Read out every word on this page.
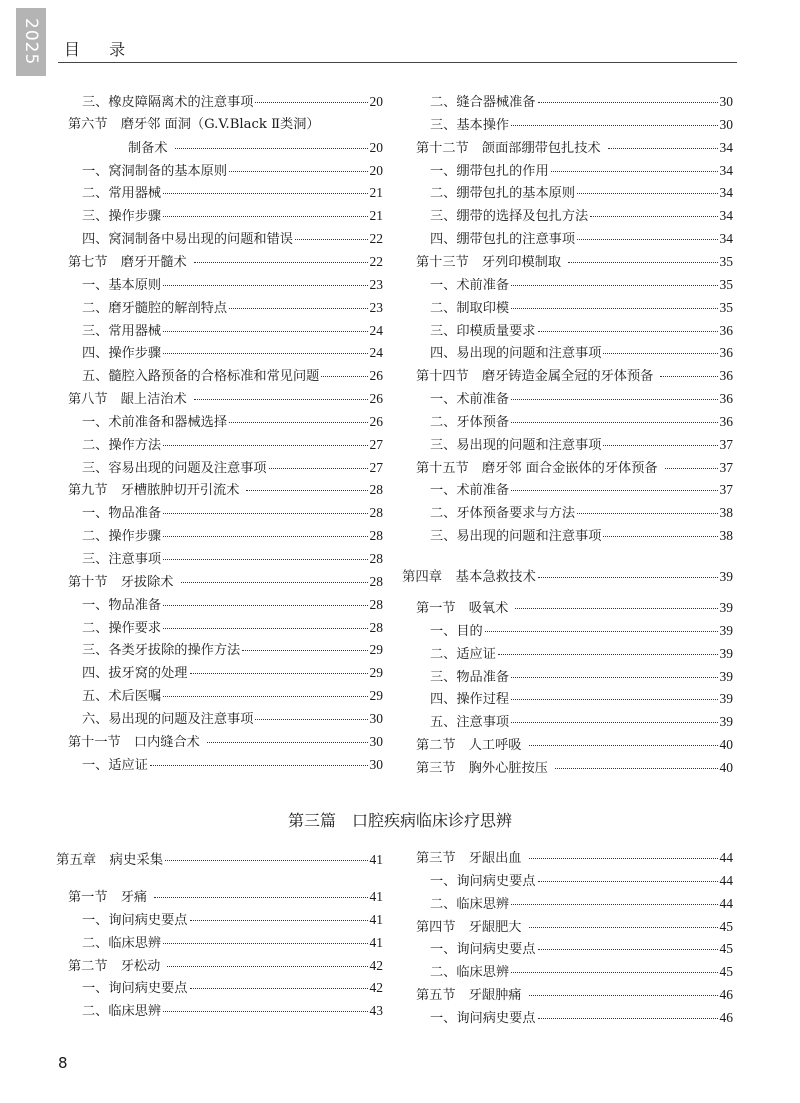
2025	目 录
三、橡皮障隔离术的注意事项	20
第六节　磨牙邻 面洞（G.V.Black Ⅱ类洞）
制备术	20
一、窝洞制备的基本原则	20
二、常用器械	21
三、操作步骤	21
四、窝洞制备中易出现的问题和错误	22
第七节　磨牙开髓术	22
一、基本原则	23
二、磨牙髓腔的解剖特点	23
三、常用器械	24
四、操作步骤	24
五、髓腔入路预备的合格标准和常见问题	26
第八节　龈上洁治术	26
一、术前准备和器械选择	26
二、操作方法	27
三、容易出现的问题及注意事项	27
第九节　牙槽脓肿切开引流术	28
一、物品准备	28
二、操作步骤	28
三、注意事项	28
第十节　牙拔除术	28
一、物品准备	28
二、操作要求	28
三、各类牙拔除的操作方法	29
四、拔牙窝的处理	29
五、术后医嘱	29
六、易出现的问题及注意事项	30
第十一节　口内缝合术	30
一、适应证	30
二、缝合器械准备	30
三、基本操作	30
第十二节　颌面部绷带包扎技术	34
一、绷带包扎的作用	34
二、绷带包扎的基本原则	34
三、绷带的选择及包扎方法	34
四、绷带包扎的注意事项	34
第十三节　牙列印模制取	35
一、术前准备	35
二、制取印模	35
三、印模质量要求	36
四、易出现的问题和注意事项	36
第十四节　磨牙铸造金属全冠的牙体预备	36
一、术前准备	36
二、牙体预备	36
三、易出现的问题和注意事项	37
第十五节　磨牙邻 面合金嵌体的牙体预备	37
一、术前准备	37
二、牙体预备要求与方法	38
三、易出现的问题和注意事项	38
第四章　基本急救技术	39
第一节　吸氧术	39
一、目的	39
二、适应证	39
三、物品准备	39
四、操作过程	39
五、注意事项	39
第二节　人工呼吸	40
第三节　胸外心脏按压	40
第五章　病史采集	41
第一节　牙痛	41
一、询问病史要点	41
二、临床思辨	41
第二节　牙松动	42
一、询问病史要点	42
二、临床思辨	43
第三节　牙龈出血	44
一、询问病史要点	44
二、临床思辨	44
第四节　牙龈肥大	45
一、询问病史要点	45
二、临床思辨	45
第五节　牙龈肿痛	46
一、询问病史要点	46
第三篇　口腔疾病临床诊疗思辨
8
